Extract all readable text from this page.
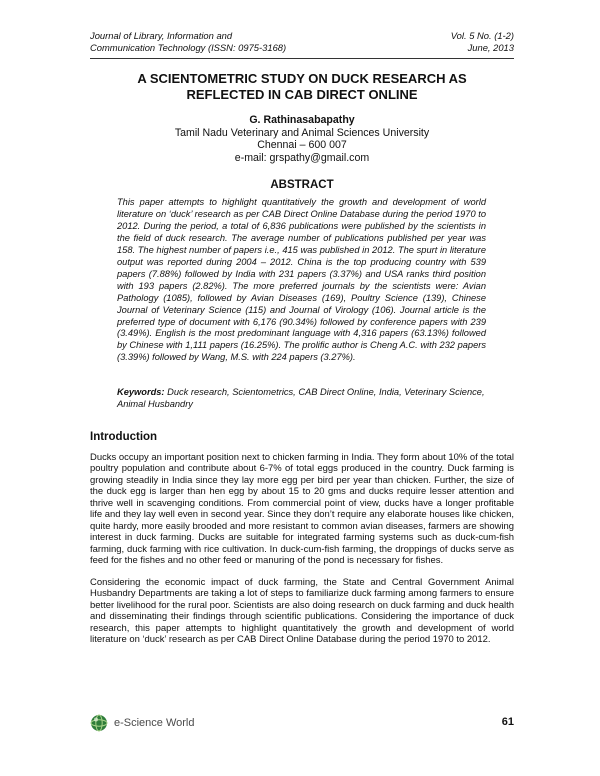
Journal of Library, Information and
Communication Technology (ISSN: 0975-3168)
Vol. 5 No. (1-2)
June, 2013
A SCIENTOMETRIC STUDY ON DUCK RESEARCH AS
REFLECTED IN CAB DIRECT ONLINE
G. Rathinasabapathy
Tamil Nadu Veterinary and Animal Sciences University
Chennai – 600 007
e-mail: grspathy@gmail.com
ABSTRACT
This paper attempts to highlight quantitatively the growth and development of world literature on ‘duck’ research as per CAB Direct Online Database during the period 1970 to 2012. During the period, a total of 6,836 publications were published by the scientists in the field of duck research. The average number of publications published per year was 158. The highest number of papers i.e., 415 was published in 2012. The spurt in literature output was reported during 2004 – 2012. China is the top producing country with 539 papers (7.88%) followed by India with 231 papers (3.37%) and USA ranks third position with 193 papers (2.82%). The more preferred journals by the scientists were: Avian Pathology (1085), followed by Avian Diseases (169), Poultry Science (139), Chinese Journal of Veterinary Science (115) and Journal of Virology (106). Journal article is the preferred type of document with 6,176 (90.34%) followed by conference papers with 239 (3.49%). English is the most predominant language with 4,316 papers (63.13%) followed by Chinese with 1,111 papers (16.25%). The prolific author is Cheng A.C. with 232 papers (3.39%) followed by Wang, M.S. with 224 papers (3.27%).
Keywords: Duck research, Scientometrics, CAB Direct Online, India, Veterinary Science, Animal Husbandry
Introduction
Ducks occupy an important position next to chicken farming in India. They form about 10% of the total poultry population and contribute about 6-7% of total eggs produced in the country. Duck farming is growing steadily in India since they lay more egg per bird per year than chicken. Further, the size of the duck egg is larger than hen egg by about 15 to 20 gms and ducks require lesser attention and thrive well in scavenging conditions. From commercial point of view, ducks have a longer profitable life and they lay well even in second year. Since they don’t require any elaborate houses like chicken, quite hardy, more easily brooded and more resistant to common avian diseases, farmers are showing interest in duck farming. Ducks are suitable for integrated farming systems such as duck-cum-fish farming, duck farming with rice cultivation. In duck-cum-fish farming, the droppings of ducks serve as feed for the fishes and no other feed or manuring of the pond is necessary for fishes.
Considering the economic impact of duck farming, the State and Central Government Animal Husbandry Departments are taking a lot of steps to familiarize duck farming among farmers to ensure better livelihood for the rural poor. Scientists are also doing research on duck farming and duck health and disseminating their findings through scientific publications. Considering the importance of duck research, this paper attempts to highlight quantitatively the growth and development of world literature on ‘duck’ research as per CAB Direct Online Database during the period 1970 to 2012.
e-Science World	61
